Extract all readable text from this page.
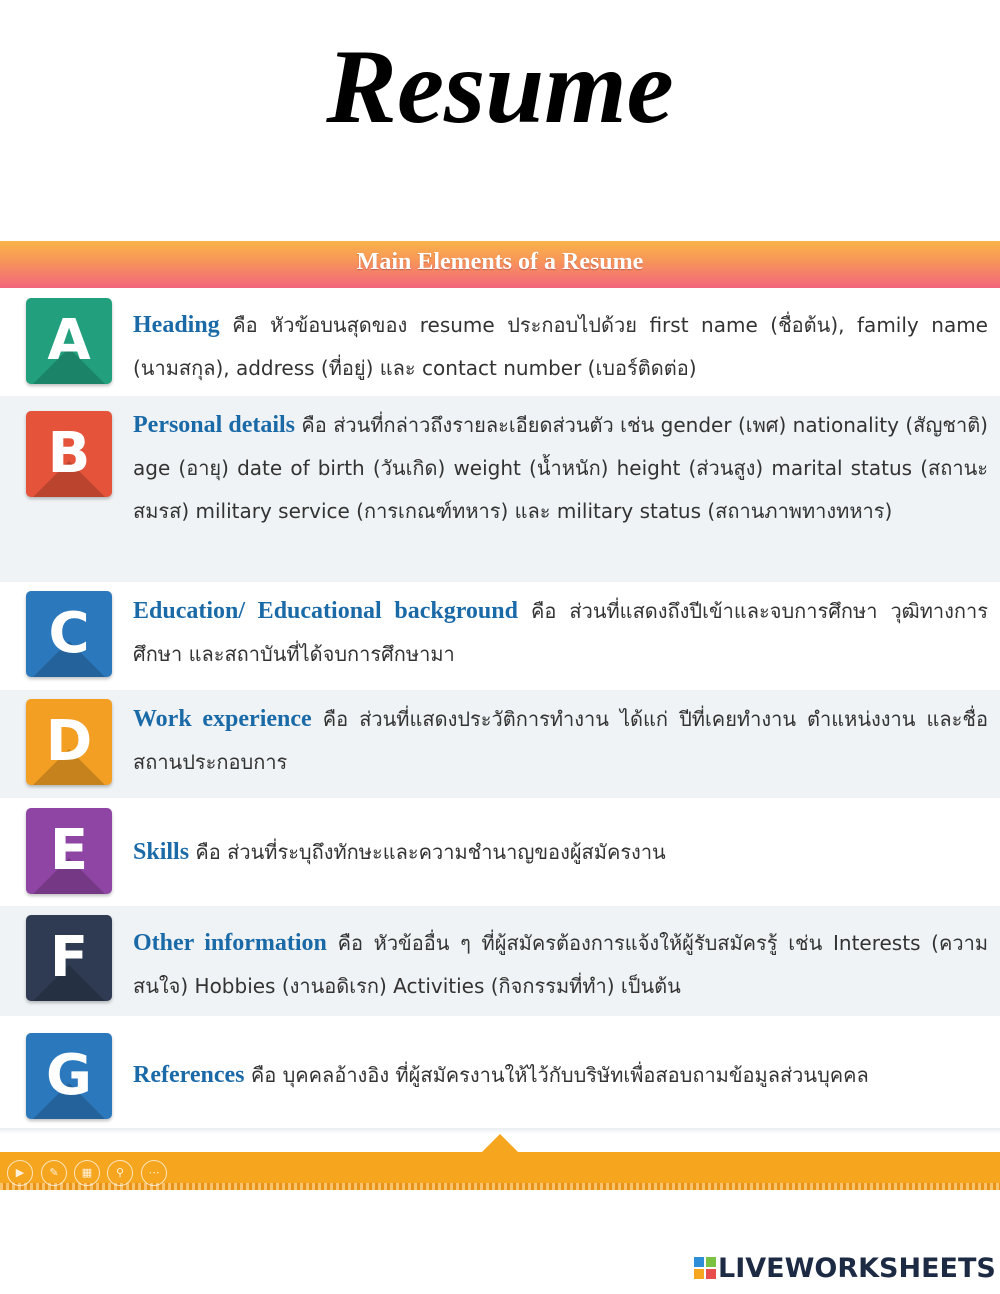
Resume
Main Elements of a Resume
A	Heading คือ หัวข้อบนสุดของ resume ประกอบไปด้วย first name (ชื่อต้น), family name (นามสกุล), address (ที่อยู่) และ contact number (เบอร์ติดต่อ)
B	Personal details คือ ส่วนที่กล่าวถึงรายละเอียดส่วนตัว เช่น gender (เพศ) nationality (สัญชาติ) age (อายุ) date of birth (วันเกิด) weight (น้ำหนัก) height (ส่วนสูง) marital status (สถานะสมรส) military service (การเกณฑ์ทหาร) และ military status (สถานภาพทางทหาร)
C	Education/ Educational background คือ ส่วนที่แสดงถึงปีเข้าและจบการศึกษา วุฒิทางการศึกษา และสถาบันที่ได้จบการศึกษามา
D	Work experience คือ ส่วนที่แสดงประวัติการทำงาน ได้แก่ ปีที่เคยทำงาน ตำแหน่งงาน และชื่อสถานประกอบการ
E	Skills คือ ส่วนที่ระบุถึงทักษะและความชำนาญของผู้สมัครงาน
F	Other information คือ หัวข้ออื่น ๆ ที่ผู้สมัครต้องการแจ้งให้ผู้รับสมัครรู้ เช่น Interests (ความสนใจ) Hobbies (งานอดิเรก) Activities (กิจกรรมที่ทำ) เป็นต้น
G	References คือ บุคคลอ้างอิง ที่ผู้สมัครงานให้ไว้กับบริษัทเพื่อสอบถามข้อมูลส่วนบุคคล
▶	✎	▦	⚲	⋯
LIVEWORKSHEETS
